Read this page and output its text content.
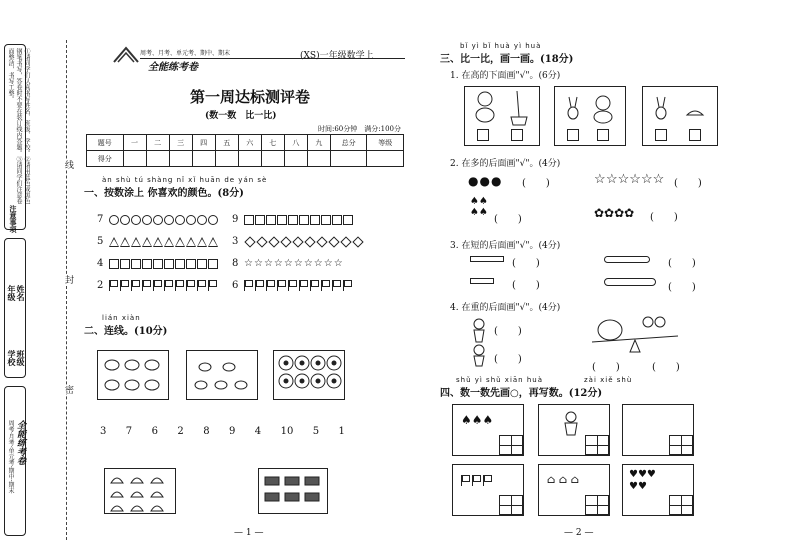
①请同学们认真书写姓名、班级、学校。②请用蓝色或黑色钢笔书写，答卷时不要在装订线内答题。③请同学们注意卷面整洁，书写工整。
注意事项
学校 班级
年级 姓名
周考·月考·单元考·期中·期末 全能练考卷
线
封
密
周考、月考、单元考、期中、期末
全能练考卷
(XS)一年级数学上
第一周达标测评卷
(数一数　比一比)
时间:60分钟　满分:100分
题号	一	二	三	四	五	六	七	八	九	总分	等级
得分											
àn shù tú shàng nǐ xǐ huān de yán sè
一、按数涂上 你喜欢的颜色。(8分)
7
5
4
2
9
3
8 ☆ ☆ ☆ ☆ ☆ ☆ ☆ ☆ ☆ ☆
6
lián xiàn
二、连线。(10分)
3 7 6 2 8 9 4 10 5 1
— 1 —
bǐ yì bǐ huà yì huà
三、比一比，画一画。(18分)
1. 在高的下面画"√"。(6分)
2. 在多的后面画"√"。(4分)
●●● (　　)
♠♠
♠♠
(　　)
☆ ☆☆☆☆☆ (　　)
✿✿✿✿ (　　)
3. 在短的后面画"√"。(4分)
(　　)
(　　)
(　　)
(　　)
4. 在重的后面画"√"。(4分)
(　　)
(　　)
(　　)	(　　)
shǔ yì shǔ xiān huà	zài xiě shù
四、数一数先画○，再写数。(12分)
♠♠♠
⌂ ⌂ ⌂	♥♥♥
♥♥
— 2 —
